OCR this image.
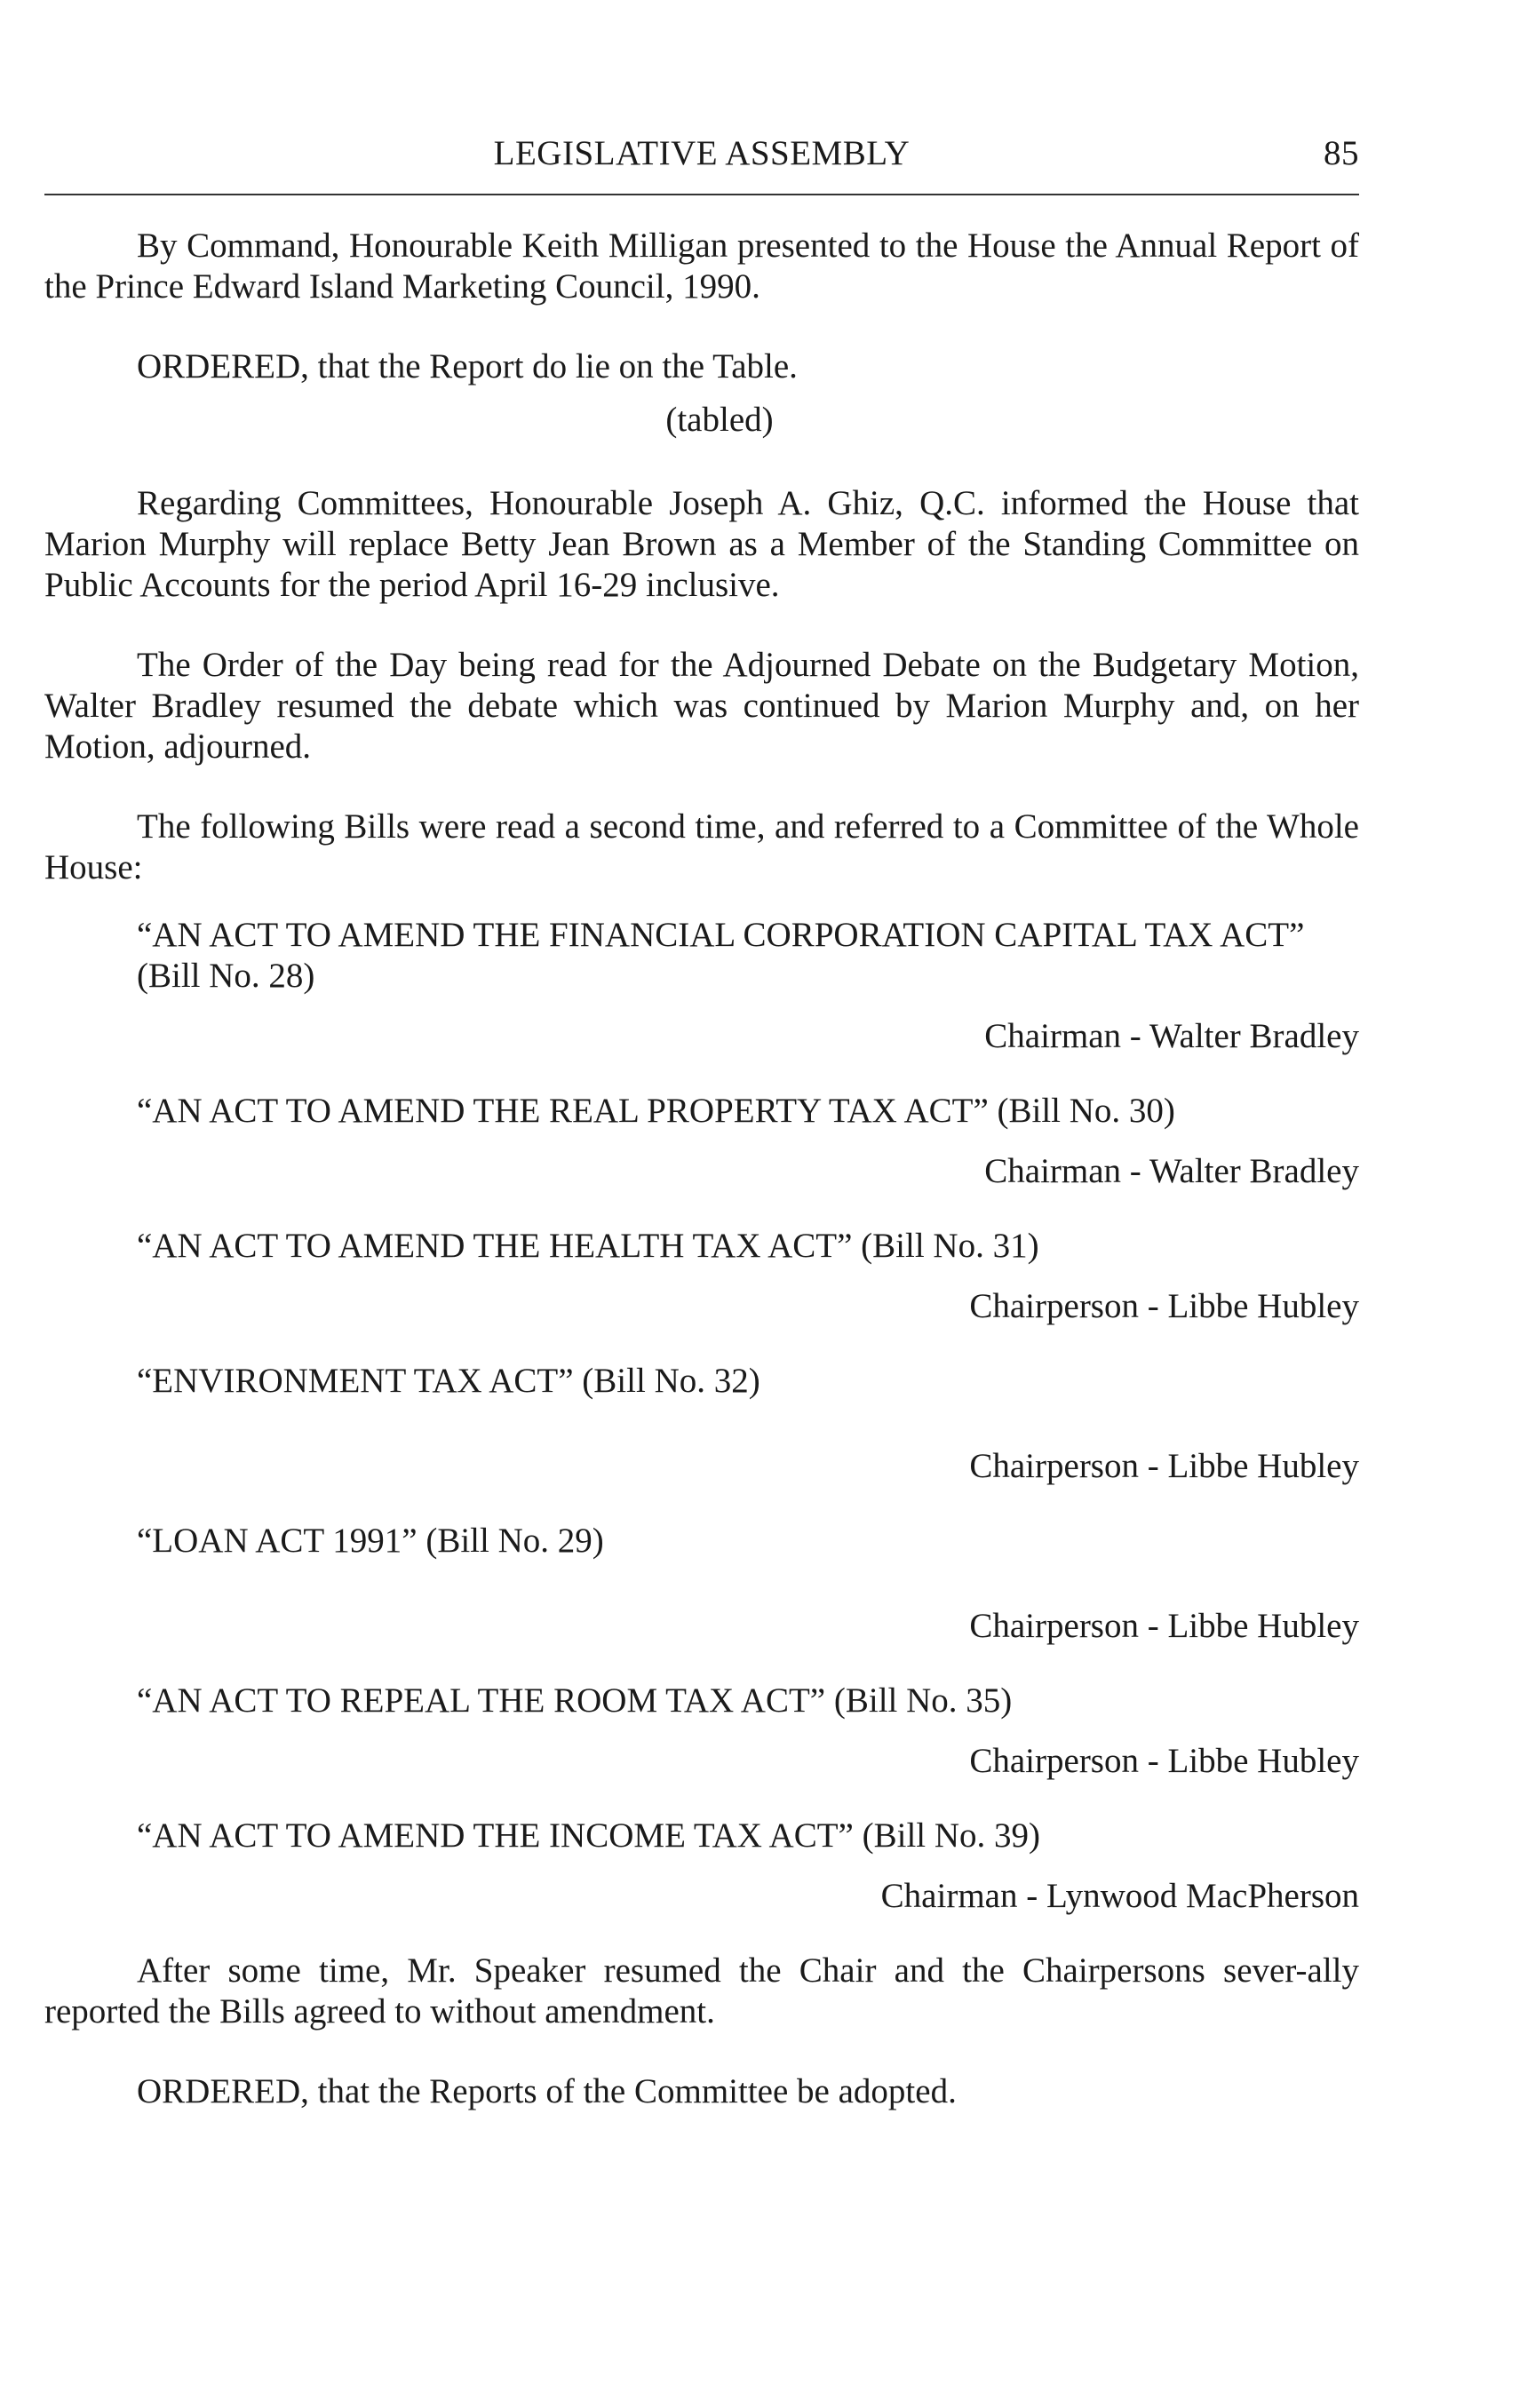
LEGISLATIVE ASSEMBLY	85

By Command, Honourable Keith Milligan presented to the House the Annual Report of the Prince Edward Island Marketing Council, 1990.

ORDERED, that the Report do lie on the Table.

(tabled)

Regarding Committees, Honourable Joseph A. Ghiz, Q.C. informed the House that Marion Murphy will replace Betty Jean Brown as a Member of the Standing Committee on Public Accounts for the period April 16-29 inclusive.

The Order of the Day being read for the Adjourned Debate on the Budgetary Motion, Walter Bradley resumed the debate which was continued by Marion Murphy and, on her Motion, adjourned.

The following Bills were read a second time, and referred to a Committee of the Whole House:

“AN ACT TO AMEND THE FINANCIAL CORPORATION CAPITAL TAX ACT” (Bill No. 28)
Chairman - Walter Bradley
“AN ACT TO AMEND THE REAL PROPERTY TAX ACT” (Bill No. 30)
Chairman - Walter Bradley
“AN ACT TO AMEND THE HEALTH TAX ACT” (Bill No. 31)
Chairperson - Libbe Hubley
“ENVIRONMENT TAX ACT” (Bill No. 32)
Chairperson - Libbe Hubley
“LOAN ACT 1991” (Bill No. 29)
Chairperson - Libbe Hubley
“AN ACT TO REPEAL THE ROOM TAX ACT” (Bill No. 35)
Chairperson - Libbe Hubley
“AN ACT TO AMEND THE INCOME TAX ACT” (Bill No. 39)
Chairman - Lynwood MacPherson

After some time, Mr. Speaker resumed the Chair and the Chairpersons sever-ally reported the Bills agreed to without amendment.

ORDERED, that the Reports of the Committee be adopted.
